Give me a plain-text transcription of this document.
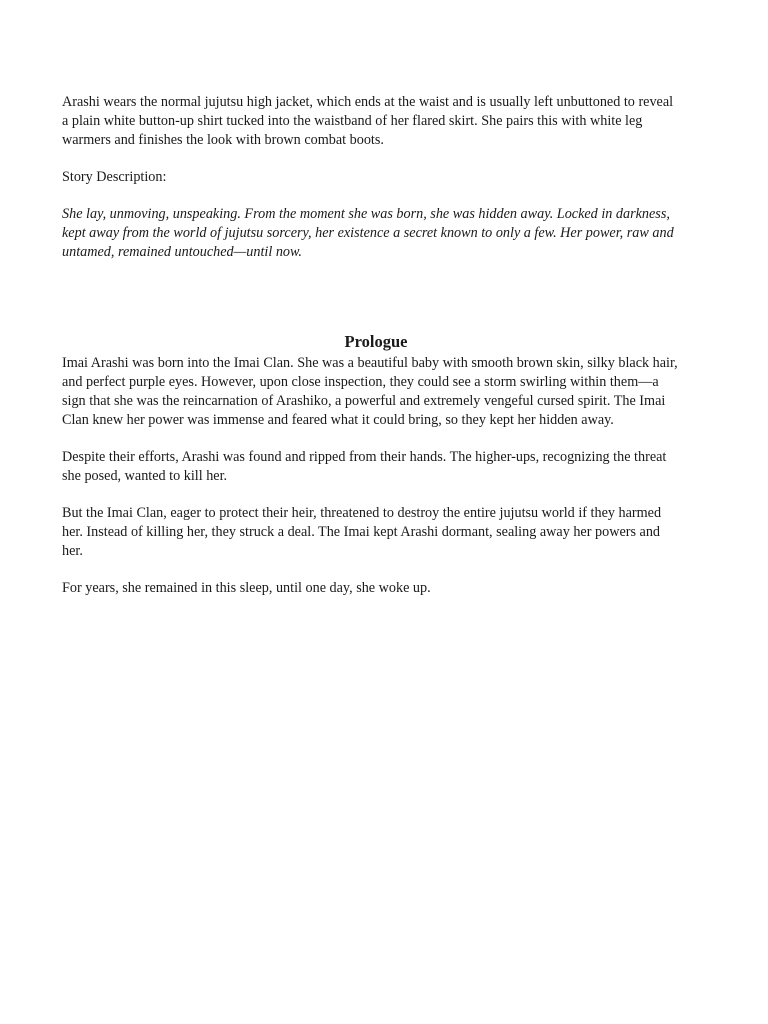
Arashi wears the normal jujutsu high jacket, which ends at the waist and is usually left unbuttoned to reveal a plain white button-up shirt tucked into the waistband of her flared skirt. She pairs this with white leg warmers and finishes the look with brown combat boots.

Story Description:

She lay, unmoving, unspeaking. From the moment she was born, she was hidden away. Locked in darkness, kept away from the world of jujutsu sorcery, her existence a secret known to only a few. Her power, raw and untamed, remained untouched—until now.

Prologue

Imai Arashi was born into the Imai Clan. She was a beautiful baby with smooth brown skin, silky black hair, and perfect purple eyes. However, upon close inspection, they could see a storm swirling within them—a sign that she was the reincarnation of Arashiko, a powerful and extremely vengeful cursed spirit. The Imai Clan knew her power was immense and feared what it could bring, so they kept her hidden away.

Despite their efforts, Arashi was found and ripped from their hands. The higher-ups, recognizing the threat she posed, wanted to kill her.

But the Imai Clan, eager to protect their heir, threatened to destroy the entire jujutsu world if they harmed her. Instead of killing her, they struck a deal. The Imai kept Arashi dormant, sealing away her powers and her.

For years, she remained in this sleep, until one day, she woke up.
